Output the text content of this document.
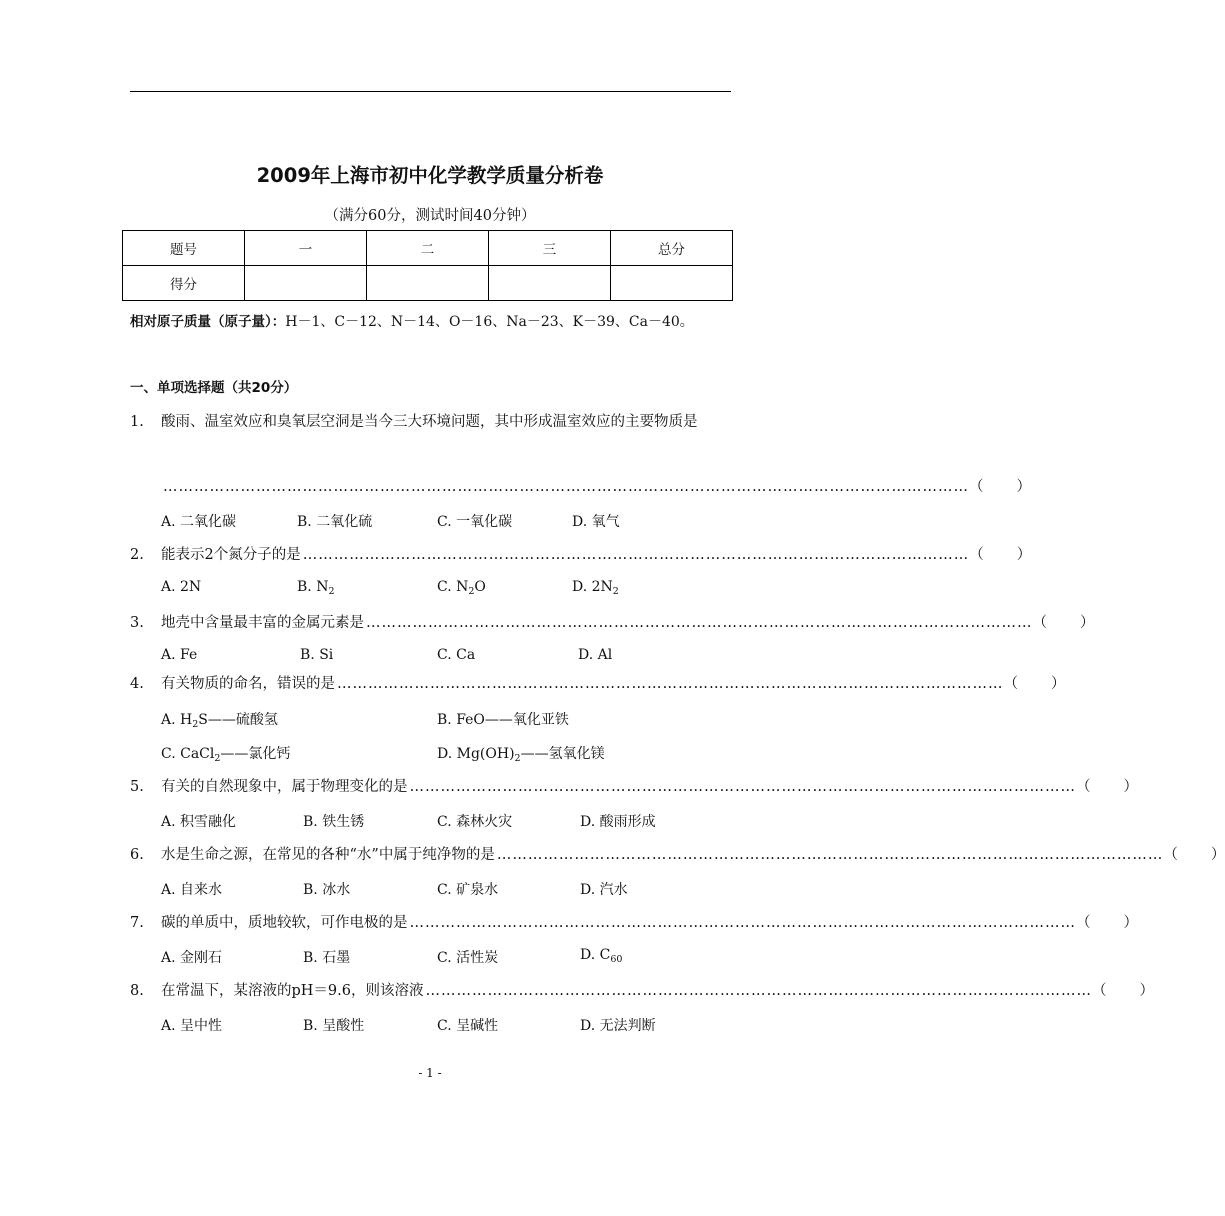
2009年上海市初中化学教学质量分析卷
（满分60分，测试时间40分钟）
题号	一	二	三	总分
得分				
相对原子质量（原子量）：H－1、C－12、N－14、O－16、Na－23、K－39、Ca－40。
一、单项选择题（共20分）
1.	酸雨、温室效应和臭氧层空洞是当今三大环境问题，其中形成温室效应的主要物质是
………………………………………………………………………………………………………………………………………… （ ）
A. 二氧化碳	B. 二氧化硫	C. 一氧化碳	D. 氧气
2.	能表示2个氮分子的是 ………………………………………………………………………………………………………………… （ ）
A. 2N	B. $N_2$	C. $N_2O$	D. $2N_2$
3.	地壳中含量最丰富的金属元素是 ………………………………………………………………………………………………………………… （ ）
A. Fe	B. Si	C. Ca	D. Al
4.	有关物质的命名，错误的是 ………………………………………………………………………………………………………………… （ ）
A. $H_2S——$硫酸氢	B. FeO——氧化亚铁
C. CaCl$_2$——氯化钙	D. $Mg(OH)_2——$氢氧化镁
5.	有关的自然现象中，属于物理变化的是 ………………………………………………………………………………………………………………… （ ）
A. 积雪融化	B. 铁生锈	C. 森林火灾	D. 酸雨形成
6.	水是生命之源，在常见的各种“水”中属于纯净物的是 ………………………………………………………………………………………………………………… （ ）
A. 自来水	B. 冰水	C. 矿泉水	D. 汽水
7.	碳的单质中，质地较软，可作电极的是 ………………………………………………………………………………………………………………… （ ）
A. 金刚石	B. 石墨	C. 活性炭	D. $C_{60}$
8.	在常温下，某溶液的pH＝9.6，则该溶液 ………………………………………………………………………………………………………………… （ ）
A. 呈中性	B. 呈酸性	C. 呈碱性	D. 无法判断
- 1 -
